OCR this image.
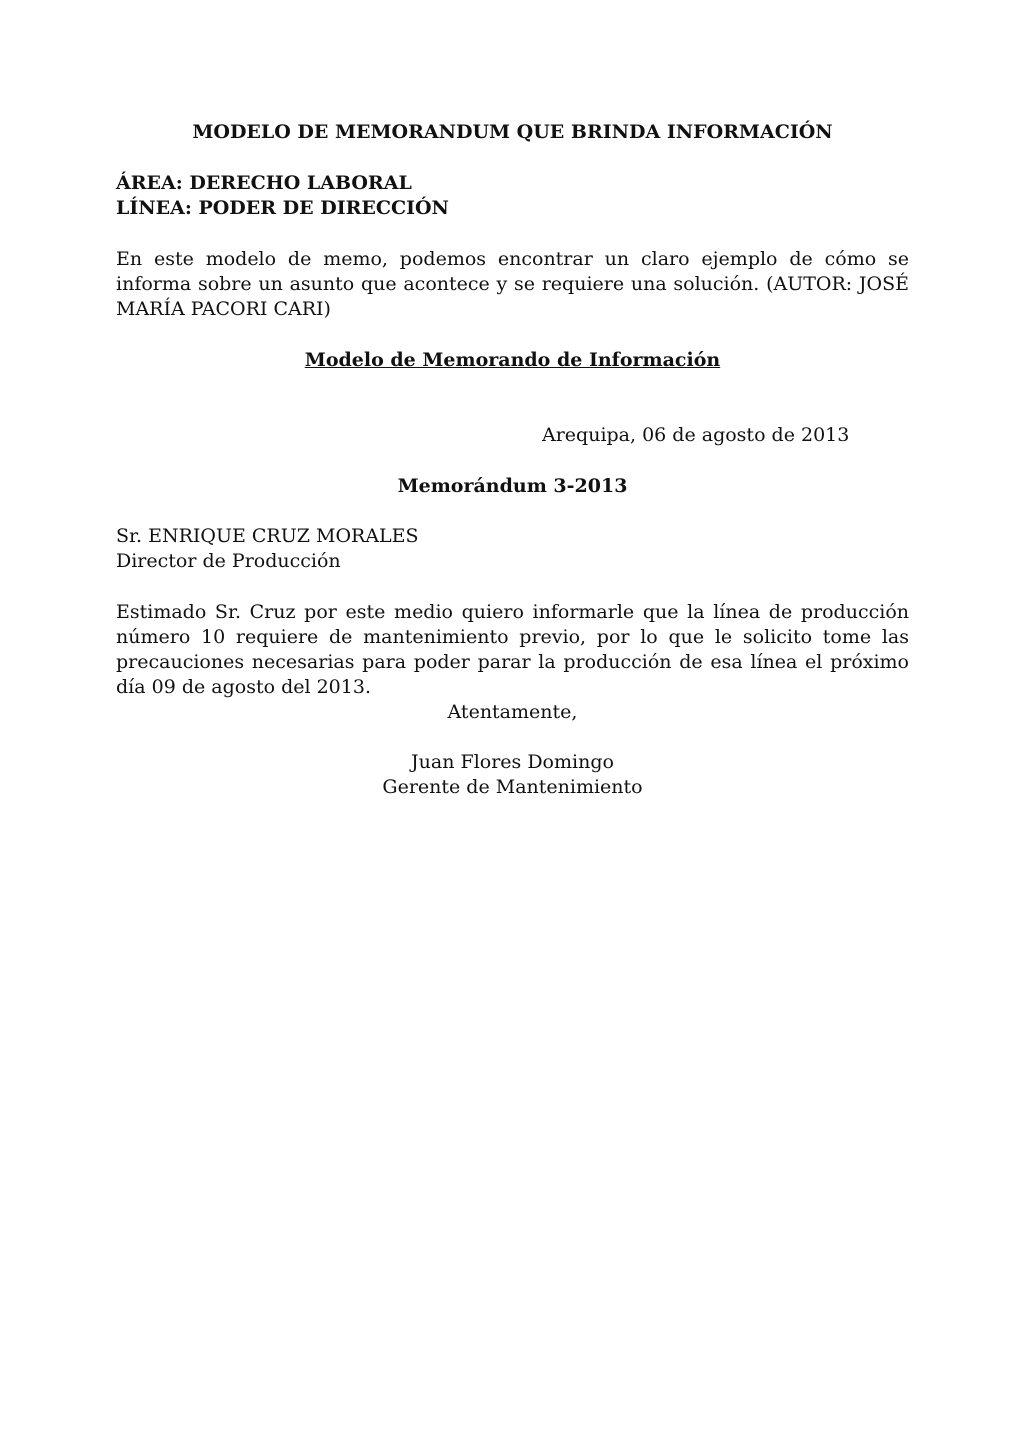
MODELO DE MEMORANDUM QUE BRINDA INFORMACIÓN

ÁREA: DERECHO LABORAL

LÍNEA: PODER DE DIRECCIÓN

En este modelo de memo, podemos encontrar un claro ejemplo de cómo se informa sobre un asunto que acontece y se requiere una solución. (AUTOR: JOSÉ MARÍA PACORI CARI)

Modelo de Memorando de Información

Arequipa, 06 de agosto de 2013

Memorándum 3-2013

Sr. ENRIQUE CRUZ MORALES

Director de Producción

Estimado Sr. Cruz por este medio quiero informarle que la línea de producción número 10 requiere de mantenimiento previo, por lo que le solicito tome las precauciones necesarias para poder parar la producción de esa línea el próximo día 09 de agosto del 2013.

Atentamente,

Juan Flores Domingo

Gerente de Mantenimiento
